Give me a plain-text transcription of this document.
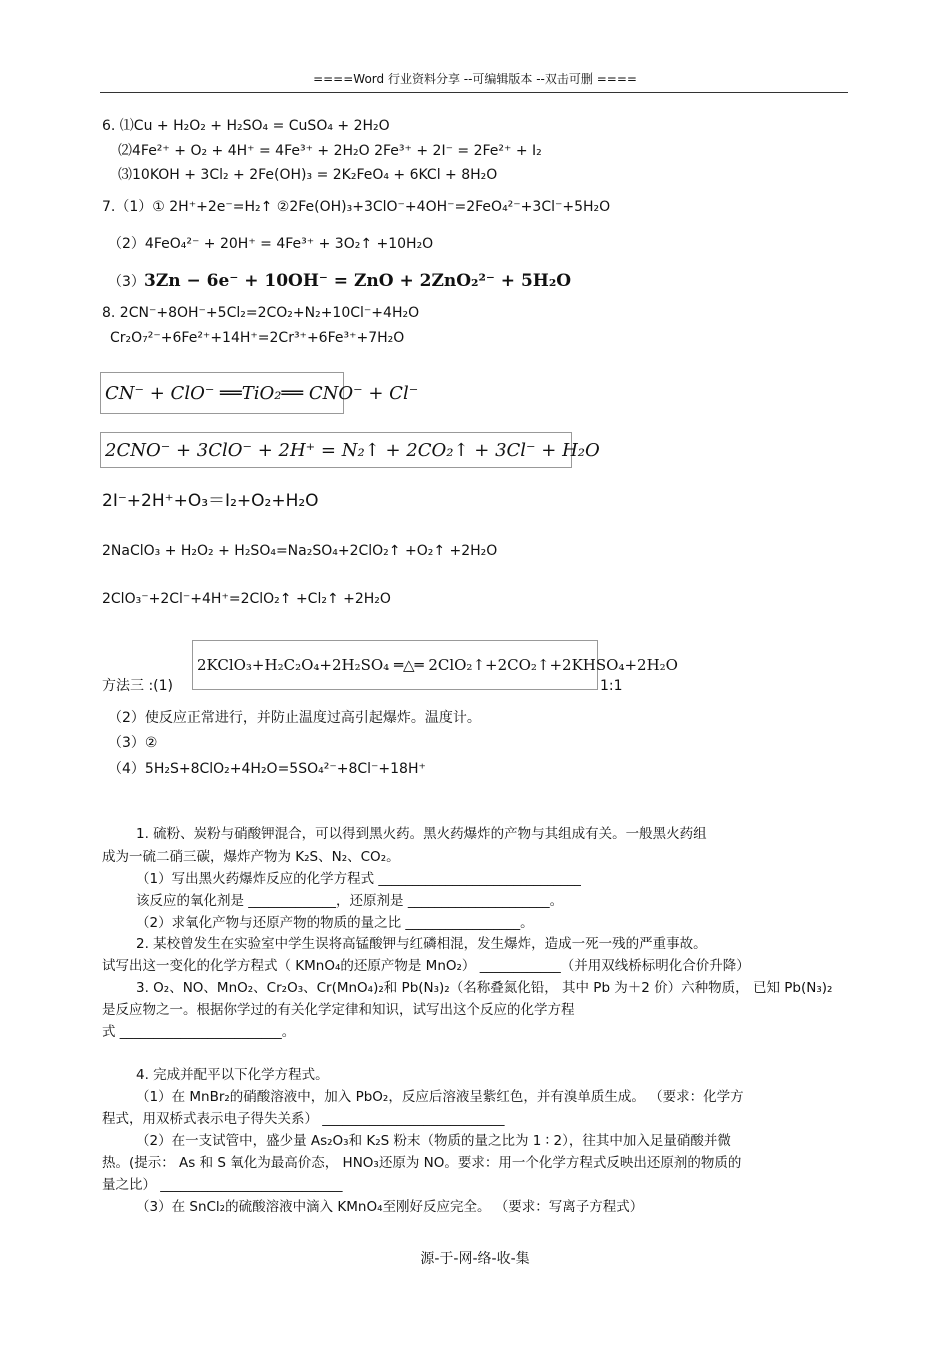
====Word 行业资料分享 --可编辑版本 --双击可删 ====
6. ⑴Cu + H₂O₂ + H₂SO₄ = CuSO₄ + 2H₂O
⑵4Fe²⁺ + O₂ + 4H⁺ = 4Fe³⁺ + 2H₂O 2Fe³⁺ + 2I⁻ = 2Fe²⁺ + I₂
⑶10KOH + 3Cl₂ + 2Fe(OH)₃ = 2K₂FeO₄ + 6KCl + 8H₂O
7.（1）① 2H⁺+2e⁻=H₂↑ ②2Fe(OH)₃+3ClO⁻+4OH⁻=2FeO₄²⁻+3Cl⁻+5H₂O
（2）4FeO₄²⁻ + 20H⁺ = 4Fe³⁺ + 3O₂↑ +10H₂O
（3） 3Zn − 6e⁻ + 10OH⁻ = ZnO + 2ZnO₂²⁻ + 5H₂O
8. 2CN⁻+8OH⁻+5Cl₂=2CO₂+N₂+10Cl⁻+4H₂O
Cr₂O₇²⁻+6Fe²⁺+14H⁺=2Cr³⁺+6Fe³⁺+7H₂O
CN⁻ + ClO⁻ ══TiO₂══ CNO⁻ + Cl⁻
2CNO⁻ + 3ClO⁻ + 2H⁺ = N₂↑ + 2CO₂↑ + 3Cl⁻ + H₂O
2I⁻+2H⁺+O₃＝I₂+O₂+H₂O
2NaClO₃ + H₂O₂ + H₂SO₄=Na₂SO₄+2ClO₂↑ +O₂↑ +2H₂O
2ClO₃⁻+2Cl⁻+4H⁺=2ClO₂↑ +Cl₂↑ +2H₂O
2KClO₃+H₂C₂O₄+2H₂SO₄ ═△═ 2ClO₂↑+2CO₂↑+2KHSO₄+2H₂O
方法三 :(1)	1:1
（2）使反应正常进行，并防止温度过高引起爆炸。温度计。
（3）②
（4）5H₂S+8ClO₂+4H₂O=5SO₄²⁻+8Cl⁻+18H⁺
1. 硫粉、炭粉与硝酸钾混合，可以得到黑火药。黑火药爆炸的产物与其组成有关。一般黑火药组
成为一硫二硝三碳，爆炸产物为 K₂S、N₂、CO₂。
（1）写出黑火药爆炸反应的化学方程式 ______________________________
该反应的氧化剂是 _____________，还原剂是 _____________________。
（2）求氧化产物与还原产物的物质的量之比 _________________。
2. 某校曾发生在实验室中学生误将高锰酸钾与红磷相混，发生爆炸，造成一死一残的严重事故。
试写出这一变化的化学方程式（ KMnO₄的还原产物是 MnO₂） ____________（并用双线桥标明化合价升降）
3. O₂、NO、MnO₂、Cr₂O₃、Cr(MnO₄)₂和 Pb(N₃)₂（名称叠氮化铅， 其中 Pb 为＋2 价）六种物质， 已知 Pb(N₃)₂
是反应物之一。根据你学过的有关化学定律和知识，试写出这个反应的化学方程
式 ________________________。
4. 完成并配平以下化学方程式。
（1）在 MnBr₂的硝酸溶液中，加入 PbO₂，反应后溶液呈紫红色，并有溴单质生成。 （要求：化学方
程式，用双桥式表示电子得失关系） ___________________________
（2）在一支试管中，盛少量 As₂O₃和 K₂S 粉末（物质的量之比为 1 ∶ 2），往其中加入足量硝酸并微
热。(提示： As 和 S 氧化为最高价态， HNO₃还原为 NO。要求：用一个化学方程式反映出还原剂的物质的
量之比） ___________________________
（3）在 SnCl₂的硫酸溶液中滴入 KMnO₄至刚好反应完全。 （要求：写离子方程式）
源-于-网-络-收-集
